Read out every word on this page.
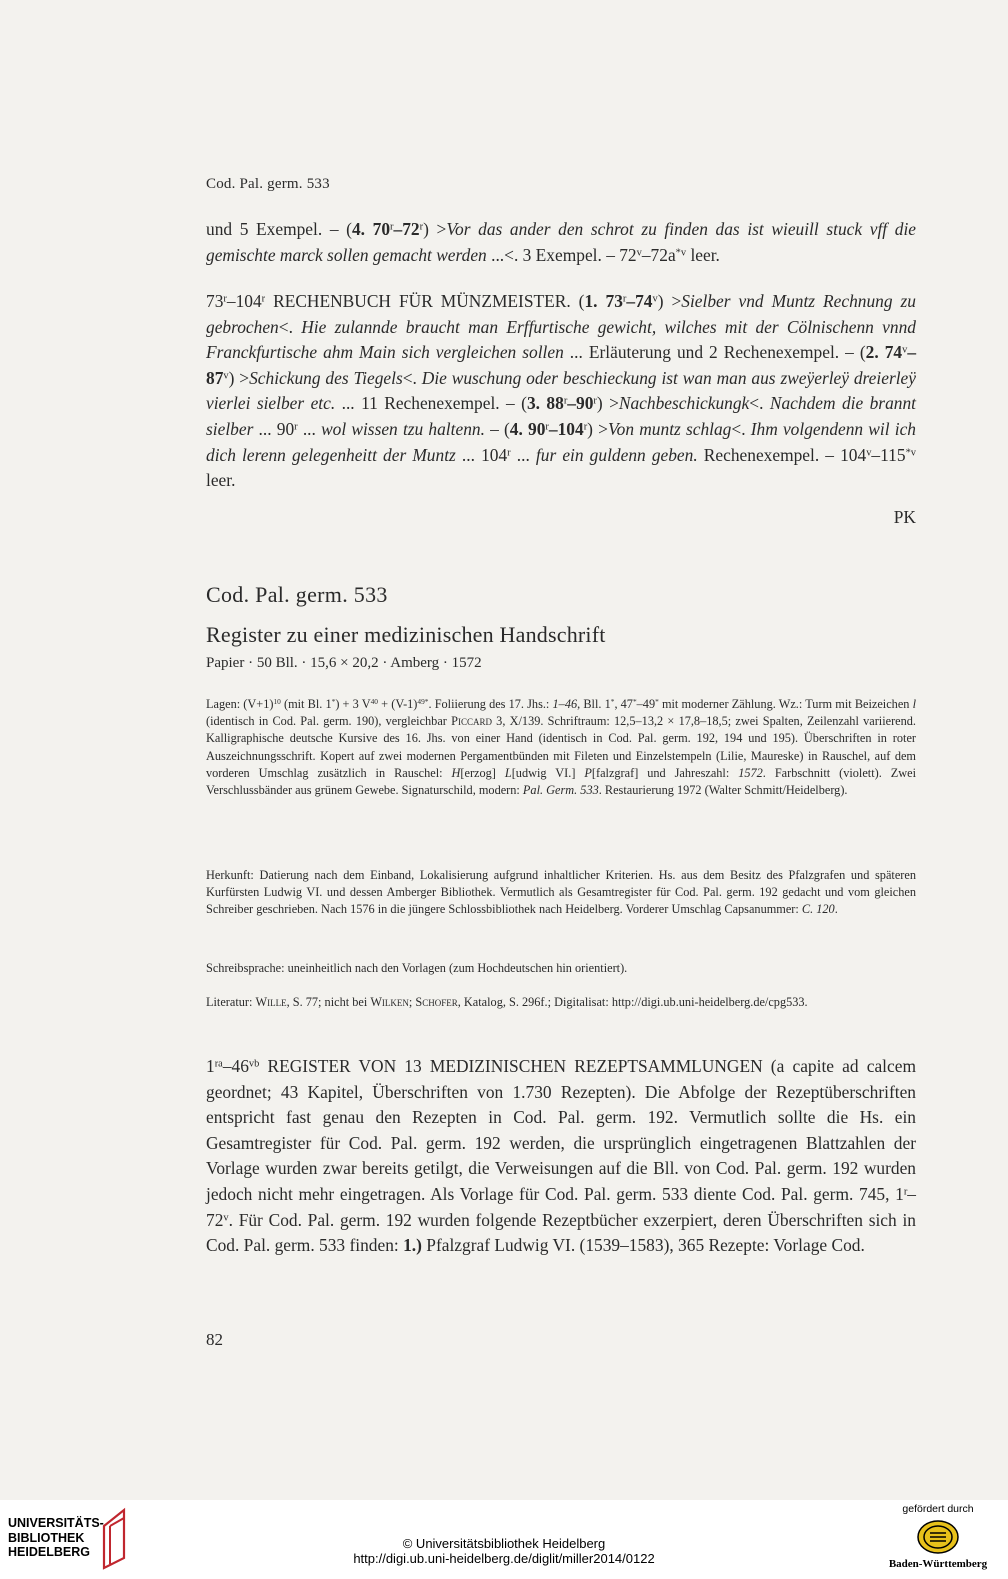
Cod. Pal. germ. 533

und 5 Exempel. – (4. $70^r-72^r) >Vor$ das ander den schrot zu finden das ist wieuill stuck vff die gemischte marck sollen gemacht werden ...<. 3 Exempel. – $72^v-72a^{*v}$ leer.

73$^r$–104$^r$ RECHENBUCH FÜR MÜNZMEISTER. (1. $73^r-74^v$) >Sielber vnd Muntz Rechnung zu gebrochen<. Hie zulannde braucht man Erffurtische gewicht, wilches mit der Cölnischenn vnnd Franckfurtische ahm Main sich vergleichen sollen ... Erläuterung und 2 Rechenexempel. – (2. $74^v-87^v$) >Schickung des Tiegels<. Die wuschung oder beschieckung ist wan man aus zweÿerleÿ dreierleÿ vierlei sielber etc. ... 11 Rechenexempel. – (3. $88^r-90^r$) >Nachbeschickungk<. Nachdem die brannt sielber ... 90$^r$ ... wol wissen tzu haltenn. – (4. $90^r-104^r) >Von$ muntz schlag<. Ihm volgendenn wil ich dich lerenn gelegenheitt der Muntz ... 104$^r$ ... fur ein guldenn geben. Rechenexempel. – 104$^v$–115$^{*v}$ leer.

PK
Cod. Pal. germ. 533
Register zu einer medizinischen Handschrift
Papier · 50 Bll. · 15,6 × 20,2 · Amberg · 1572

Lagen: $(V+1)^{10}$ (mit Bl. 1*) + 3 $V^{40} + (V-1)^{49*}$. Foliierung des 17. Jhs.: 1–46, Bll. 1*, 47*–49* mit moderner Zählung. Wz.: Turm mit Beizeichen l (identisch in Cod. Pal. germ. 190), vergleichbar Piccard 3, X/139. Schriftraum: 12,5–13,2 × 17,8–18,5; zwei Spalten, Zeilenzahl variierend. Kalligraphische deutsche Kursive des 16. Jhs. von einer Hand (identisch in Cod. Pal. germ. 192, 194 und 195). Überschriften in roter Auszeichnungsschrift. Kopert auf zwei modernen Pergamentbünden mit Fileten und Einzelstempeln (Lilie, Maureske) in Rauschel, auf dem vorderen Umschlag zusätzlich in Rauschel: H[erzog] L[udwig VI.] P[falzgraf] und Jahreszahl: 1572. Farbschnitt (violett). Zwei Verschlussbänder aus grünem Gewebe. Signaturschild, modern: Pal. Germ. 533. Restaurierung 1972 (Walter Schmitt/Heidelberg).

Herkunft: Datierung nach dem Einband, Lokalisierung aufgrund inhaltlicher Kriterien. Hs. aus dem Besitz des Pfalzgrafen und späteren Kurfürsten Ludwig VI. und dessen Amberger Bibliothek. Vermutlich als Gesamtregister für Cod. Pal. germ. 192 gedacht und vom gleichen Schreiber geschrieben. Nach 1576 in die jüngere Schlossbibliothek nach Heidelberg. Vorderer Umschlag Capsanummer: C. 120.

Schreibsprache: uneinheitlich nach den Vorlagen (zum Hochdeutschen hin orientiert).

Literatur: Wille, S. 77; nicht bei Wilken; Schofer, Katalog, S. 296f.; Digitalisat: http://digi.ub.uni-heidelberg.de/cpg533.

$1^{ra}-46^{vb}$ REGISTER VON 13 MEDIZINISCHEN REZEPTSAMMLUNGEN (a capite ad calcem geordnet; 43 Kapitel, Überschriften von 1.730 Rezepten). Die Abfolge der Rezeptüberschriften entspricht fast genau den Rezepten in Cod. Pal. germ. 192. Vermutlich sollte die Hs. ein Gesamtregister für Cod. Pal. germ. 192 werden, die ursprünglich eingetragenen Blattzahlen der Vorlage wurden zwar bereits getilgt, die Verweisungen auf die Bll. von Cod. Pal. germ. 192 wurden jedoch nicht mehr eingetragen. Als Vorlage für Cod. Pal. germ. 533 diente Cod. Pal. germ. 745, 1$^r$–72$^v$. Für Cod. Pal. germ. 192 wurden folgende Rezeptbücher exzerpiert, deren Überschriften sich in Cod. Pal. germ. 533 finden: 1.) Pfalzgraf Ludwig VI. (1539–1583), 365 Rezepte: Vorlage Cod.

82
UNIVERSITÄTS-
BIBLIOTHEK
HEIDELBERG
© Universitätsbibliothek Heidelberg
http://digi.ub.uni-heidelberg.de/diglit/miller2014/0122
gefördert durch
Baden-Württemberg
